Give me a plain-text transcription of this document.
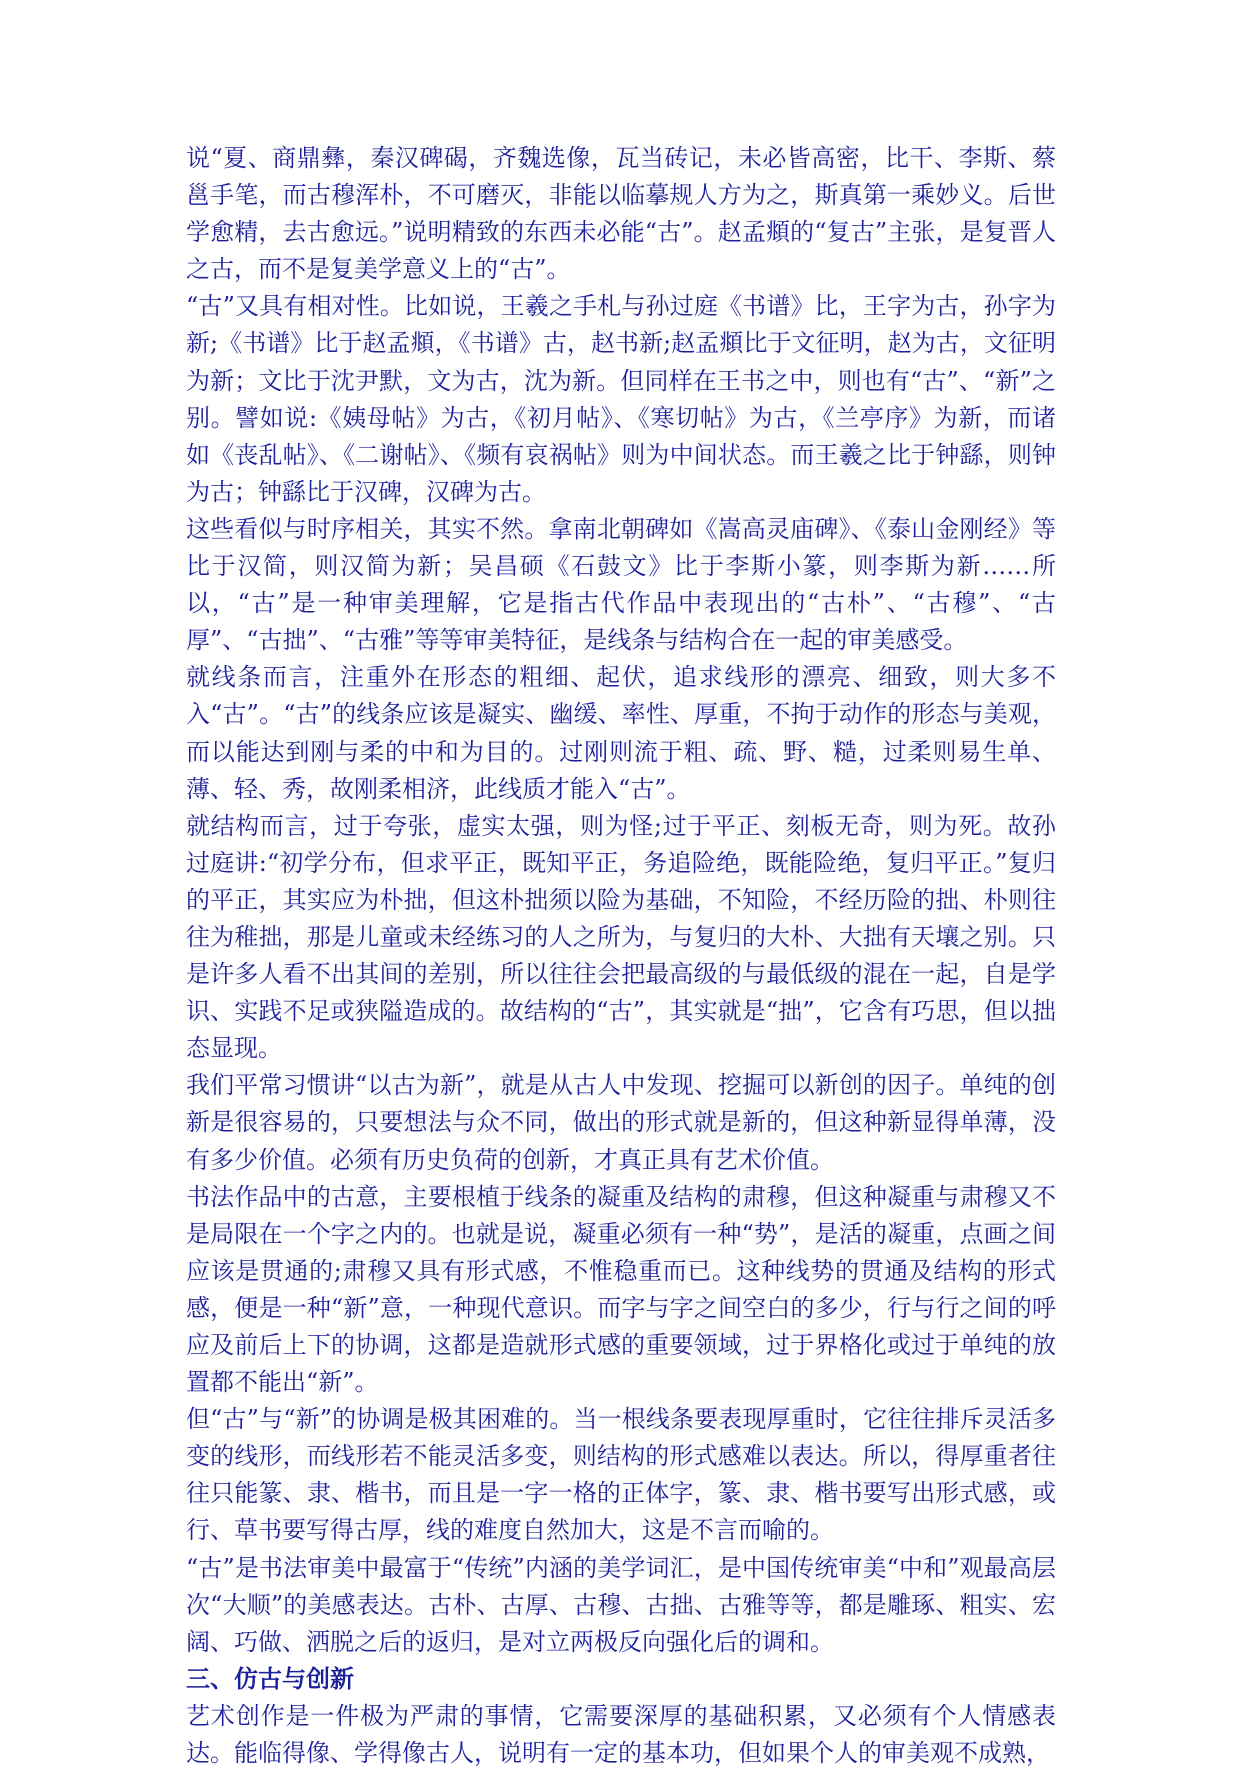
说“夏、商鼎彝，秦汉碑碣，齐魏选像，瓦当砖记，未必皆高密，比干、李斯、蔡邕手笔，而古穆浑朴，不可磨灭，非能以临摹规人方为之，斯真第一乘妙义。后世学愈精，去古愈远。”说明精致的东西未必能“古”。赵孟頫的“复古”主张，是复晋人之古，而不是复美学意义上的“古”。

“古”又具有相对性。比如说，王羲之手札与孙过庭《书谱》比，王字为古，孙字为新;《书谱》比于赵孟頫，《书谱》古，赵书新;赵孟頫比于文征明，赵为古，文征明为新；文比于沈尹默，文为古，沈为新。但同样在王书之中，则也有“古”、“新”之别。譬如说:《姨母帖》为古，《初月帖》、《寒切帖》为古，《兰亭序》为新，而诸如《丧乱帖》、《二谢帖》、《频有哀祸帖》则为中间状态。而王羲之比于钟繇，则钟为古；钟繇比于汉碑，汉碑为古。

这些看似与时序相关，其实不然。拿南北朝碑如《嵩高灵庙碑》、《泰山金刚经》等比于汉简，则汉简为新；吴昌硕《石鼓文》比于李斯小篆，则李斯为新……所以，“古”是一种审美理解，它是指古代作品中表现出的“古朴”、“古穆”、“古厚”、“古拙”、“古雅”等等审美特征，是线条与结构合在一起的审美感受。

就线条而言，注重外在形态的粗细、起伏，追求线形的漂亮、细致，则大多不入“古”。“古”的线条应该是凝实、幽缓、率性、厚重，不拘于动作的形态与美观，而以能达到刚与柔的中和为目的。过刚则流于粗、疏、野、糙，过柔则易生单、薄、轻、秀，故刚柔相济，此线质才能入“古”。

就结构而言，过于夸张，虚实太强，则为怪;过于平正、刻板无奇，则为死。故孙过庭讲:“初学分布，但求平正，既知平正，务追险绝，既能险绝，复归平正。”复归的平正，其实应为朴拙，但这朴拙须以险为基础，不知险，不经历险的拙、朴则往往为稚拙，那是儿童或未经练习的人之所为，与复归的大朴、大拙有天壤之别。只是许多人看不出其间的差别，所以往往会把最高级的与最低级的混在一起，自是学识、实践不足或狭隘造成的。故结构的“古”，其实就是“拙”，它含有巧思，但以拙态显现。

我们平常习惯讲“以古为新”，就是从古人中发现、挖掘可以新创的因子。单纯的创新是很容易的，只要想法与众不同，做出的形式就是新的，但这种新显得单薄，没有多少价值。必须有历史负荷的创新，才真正具有艺术价值。

书法作品中的古意，主要根植于线条的凝重及结构的肃穆，但这种凝重与肃穆又不是局限在一个字之内的。也就是说，凝重必须有一种“势”，是活的凝重，点画之间应该是贯通的;肃穆又具有形式感，不惟稳重而已。这种线势的贯通及结构的形式感，便是一种“新”意，一种现代意识。而字与字之间空白的多少，行与行之间的呼应及前后上下的协调，这都是造就形式感的重要领域，过于界格化或过于单纯的放置都不能出“新”。

但“古”与“新”的协调是极其困难的。当一根线条要表现厚重时，它往往排斥灵活多变的线形，而线形若不能灵活多变，则结构的形式感难以表达。所以，得厚重者往往只能篆、隶、楷书，而且是一字一格的正体字，篆、隶、楷书要写出形式感，或行、草书要写得古厚，线的难度自然加大，这是不言而喻的。

“古”是书法审美中最富于“传统”内涵的美学词汇，是中国传统审美“中和”观最高层次“大顺”的美感表达。古朴、古厚、古穆、古拙、古雅等等，都是雕琢、粗实、宏阔、巧做、洒脱之后的返归，是对立两极反向强化后的调和。

三、仿古与创新

艺术创作是一件极为严肃的事情，它需要深厚的基础积累，又必须有个人情感表达。能临得像、学得像古人，说明有一定的基本功，但如果个人的审美观不成熟，
